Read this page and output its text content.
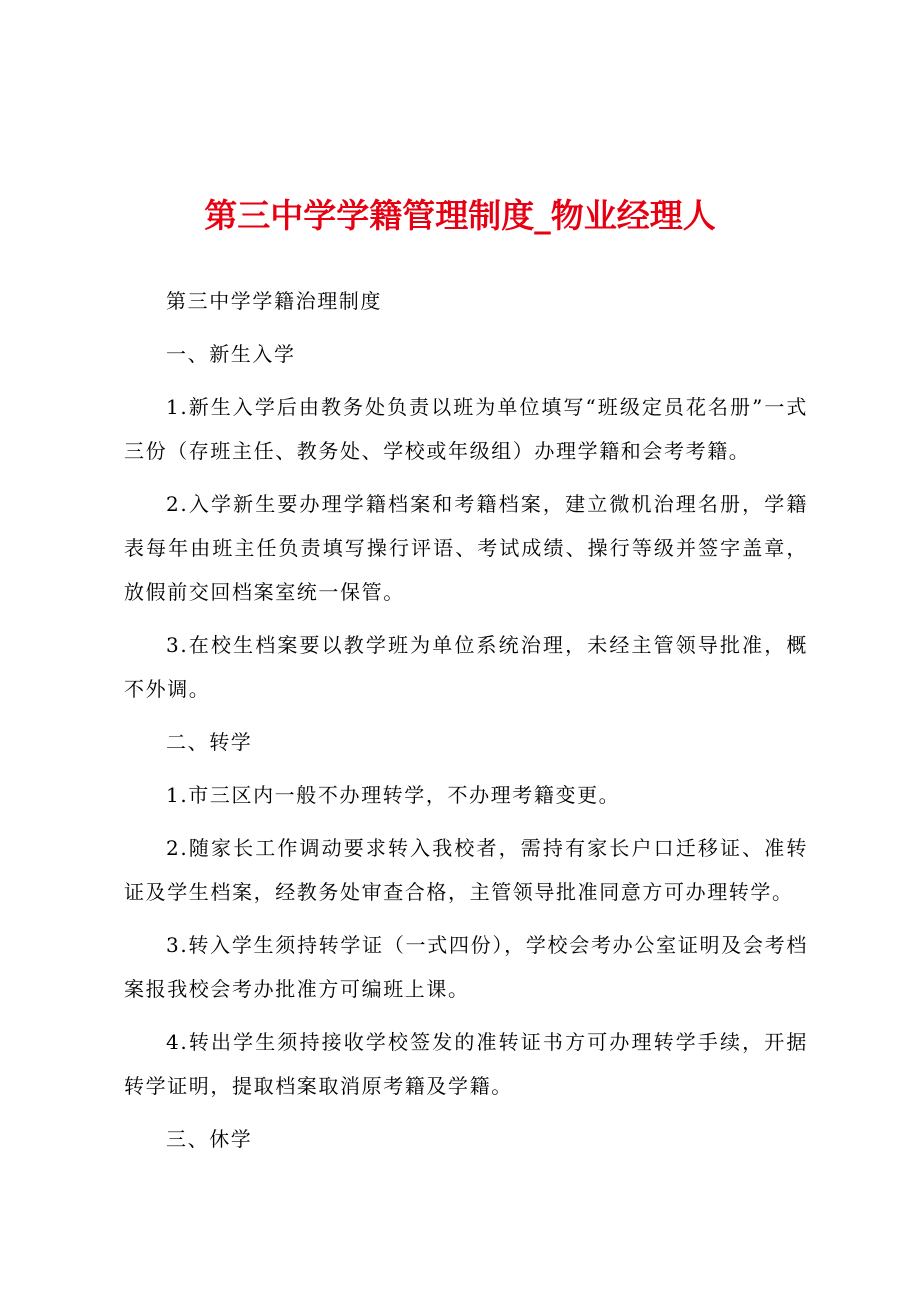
第三中学学籍管理制度_物业经理人

第三中学学籍治理制度

一、新生入学

1.新生入学后由教务处负责以班为单位填写“班级定员花名册”一式三份（存班主任、教务处、学校或年级组）办理学籍和会考考籍。

2.入学新生要办理学籍档案和考籍档案，建立微机治理名册，学籍表每年由班主任负责填写操行评语、考试成绩、操行等级并签字盖章，放假前交回档案室统一保管。

3.在校生档案要以教学班为单位系统治理，未经主管领导批准，概不外调。

二、转学

1.市三区内一般不办理转学，不办理考籍变更。

2.随家长工作调动要求转入我校者，需持有家长户口迁移证、准转证及学生档案，经教务处审查合格，主管领导批准同意方可办理转学。

3.转入学生须持转学证（一式四份），学校会考办公室证明及会考档案报我校会考办批准方可编班上课。

4.转出学生须持接收学校签发的准转证书方可办理转学手续，开据转学证明，提取档案取消原考籍及学籍。

三、休学
